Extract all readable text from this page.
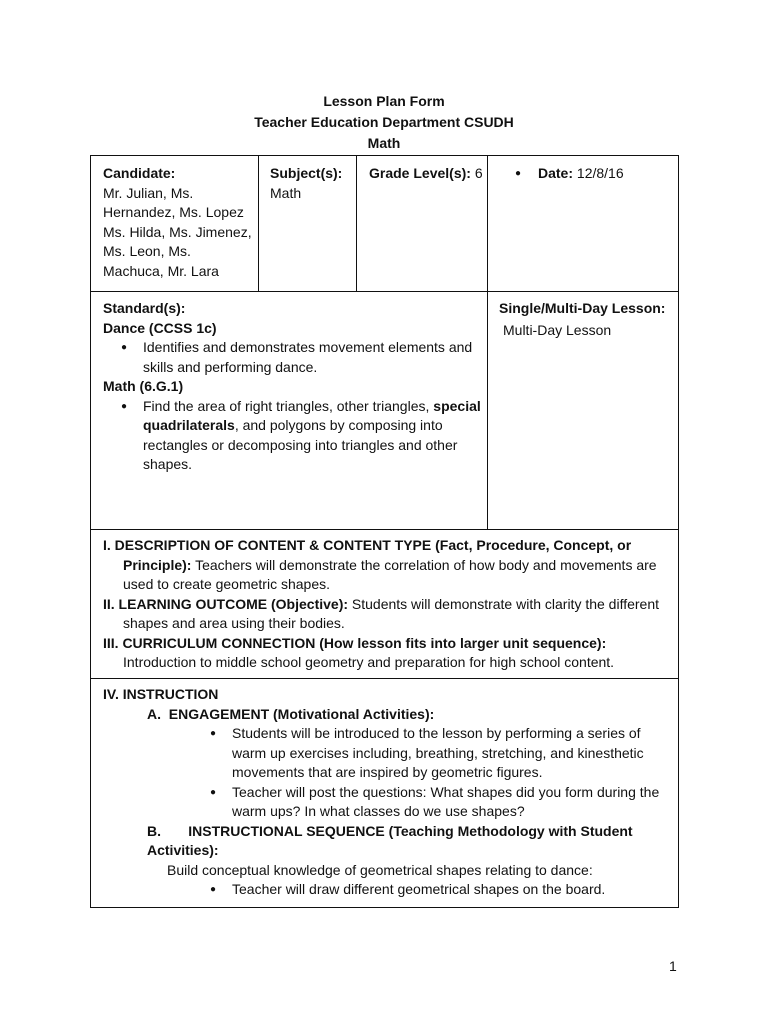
Lesson Plan Form
Teacher Education Department CSUDH
Math
Candidate:
Mr. Julian, Ms. Hernandez, Ms. Lopez Ms. Hilda, Ms. Jimenez, Ms. Leon, Ms. Machuca, Mr. Lara
Subject(s):
Math
Grade Level(s): 6	● Date: 12/8/16
Standard(s):
Dance (CCSS 1c)
● Identifies and demonstrates movement elements and skills and performing dance.
Math (6.G.1)
● Find the area of right triangles, other triangles, special quadrilaterals, and polygons by composing into rectangles or decomposing into triangles and other shapes.
Single/Multi-Day Lesson:
Multi-Day Lesson
I. DESCRIPTION OF CONTENT & CONTENT TYPE (Fact, Procedure, Concept, or Principle): Teachers will demonstrate the correlation of how body and movements are used to create geometric shapes.
II. LEARNING OUTCOME (Objective): Students will demonstrate with clarity the different shapes and area using their bodies.
III. CURRICULUM CONNECTION (How lesson fits into larger unit sequence):
Introduction to middle school geometry and preparation for high school content.
IV. INSTRUCTION
A. ENGAGEMENT (Motivational Activities):
● Students will be introduced to the lesson by performing a series of warm up exercises including, breathing, stretching, and kinesthetic movements that are inspired by geometric figures.
● Teacher will post the questions: What shapes did you form during the warm ups? In what classes do we use shapes?
B. INSTRUCTIONAL SEQUENCE (Teaching Methodology with Student Activities):
Build conceptual knowledge of geometrical shapes relating to dance:
● Teacher will draw different geometrical shapes on the board.
1
